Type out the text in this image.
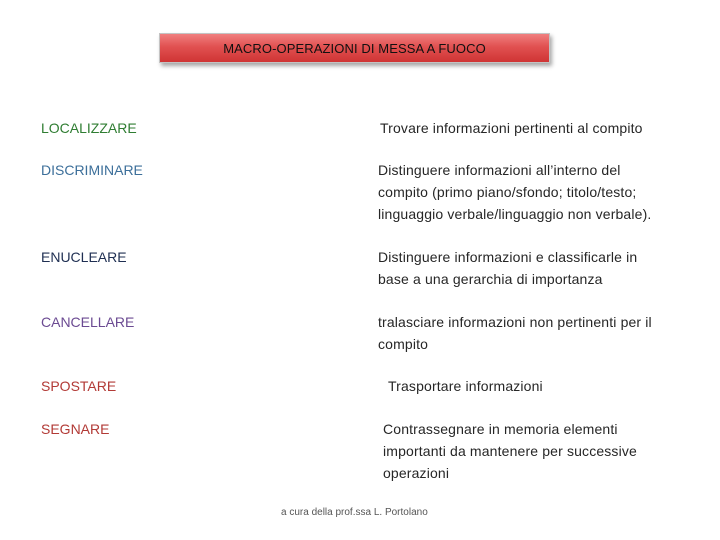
MACRO-OPERAZIONI DI MESSA A FUOCO
LOCALIZZARE	Trovare informazioni pertinenti al compito
DISCRIMINARE	Distinguere informazioni all’interno del
compito (primo piano/sfondo; titolo/testo;
linguaggio verbale/linguaggio non verbale).
ENUCLEARE	Distinguere informazioni e classificarle in
base a una gerarchia di importanza
CANCELLARE	tralasciare informazioni non pertinenti per il
compito
SPOSTARE	Trasportare informazioni
SEGNARE	Contrassegnare in memoria elementi
importanti da mantenere per successive
operazioni
a cura della prof.ssa L. Portolano
